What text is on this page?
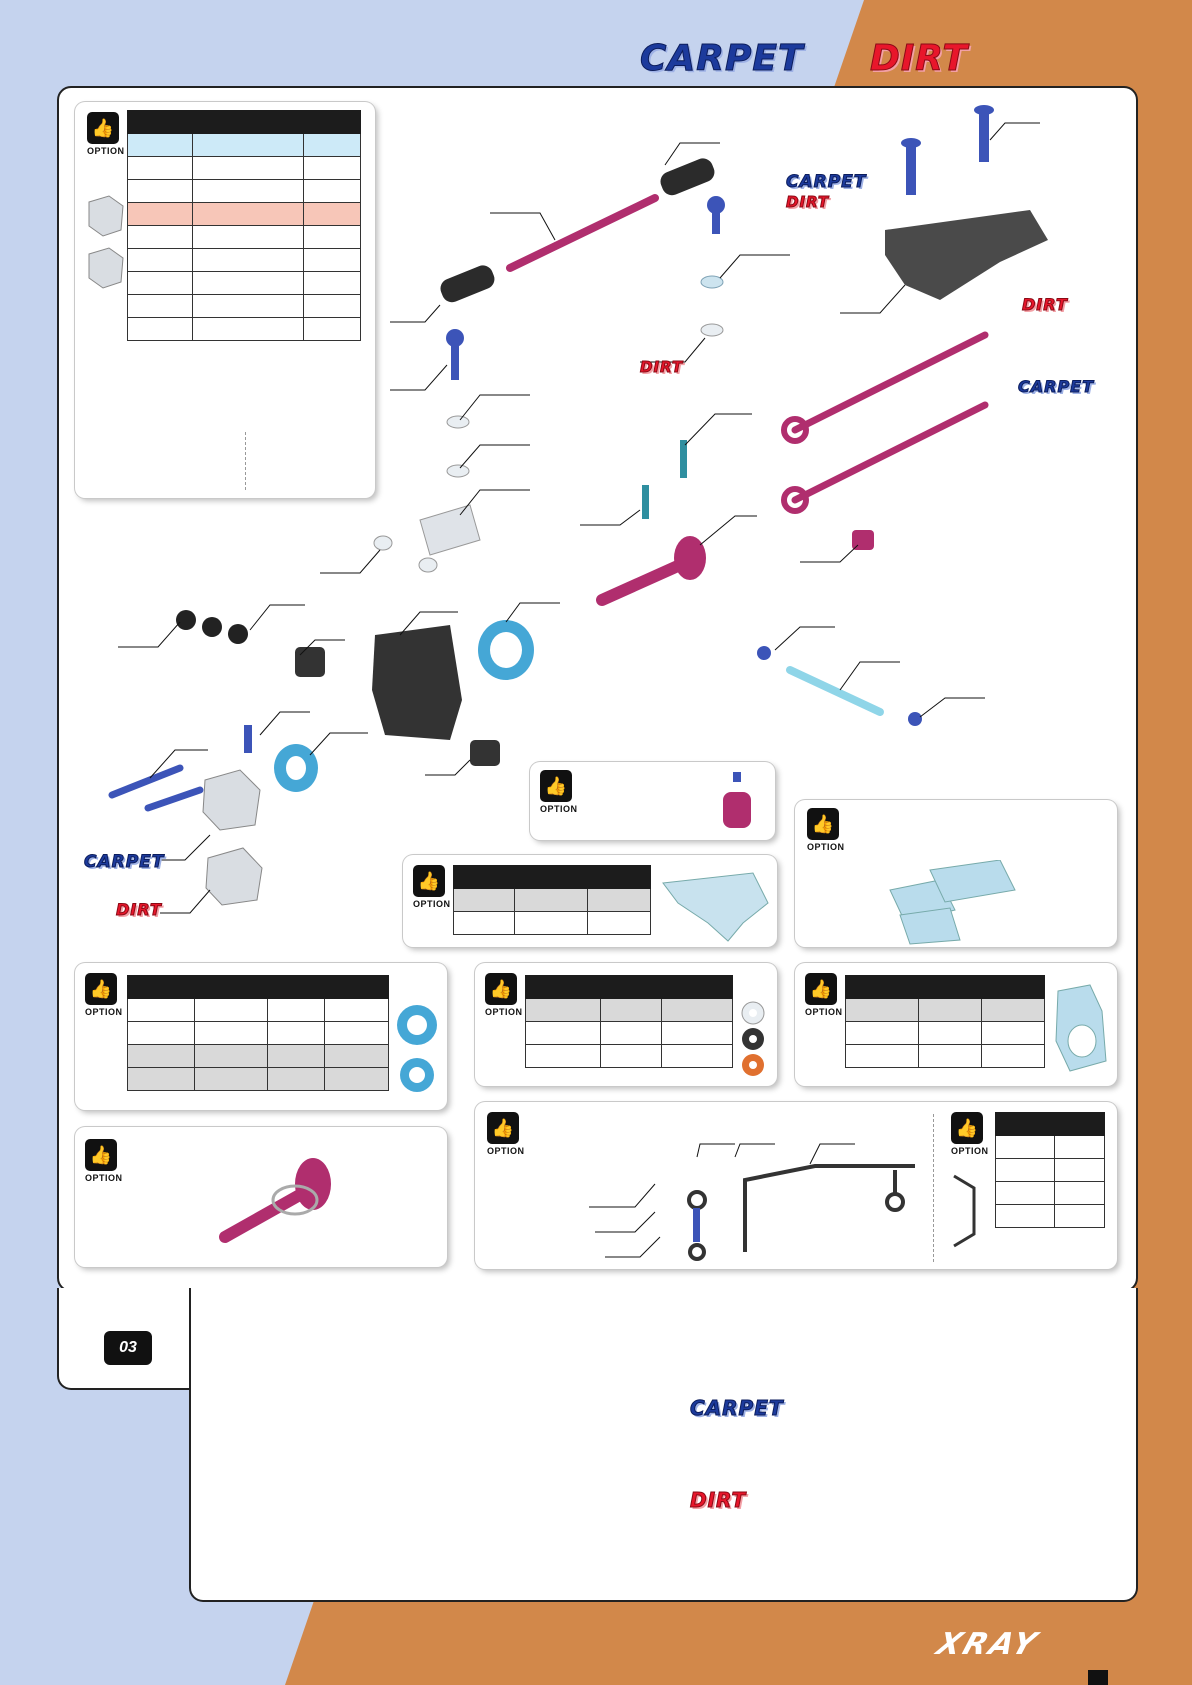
CARPET DIRT
CARPET
DIRT
DIRT
DIRT
CARPET
CARPET
DIRT
👍
OPTION

👍
OPTION
👍
OPTION

👍
OPTION
👍
OPTION

👍
OPTION

👍
OPTION

👍
OPTION
👍
OPTION
👍
OPTION

03
CARPET
DIRT
XRAY
